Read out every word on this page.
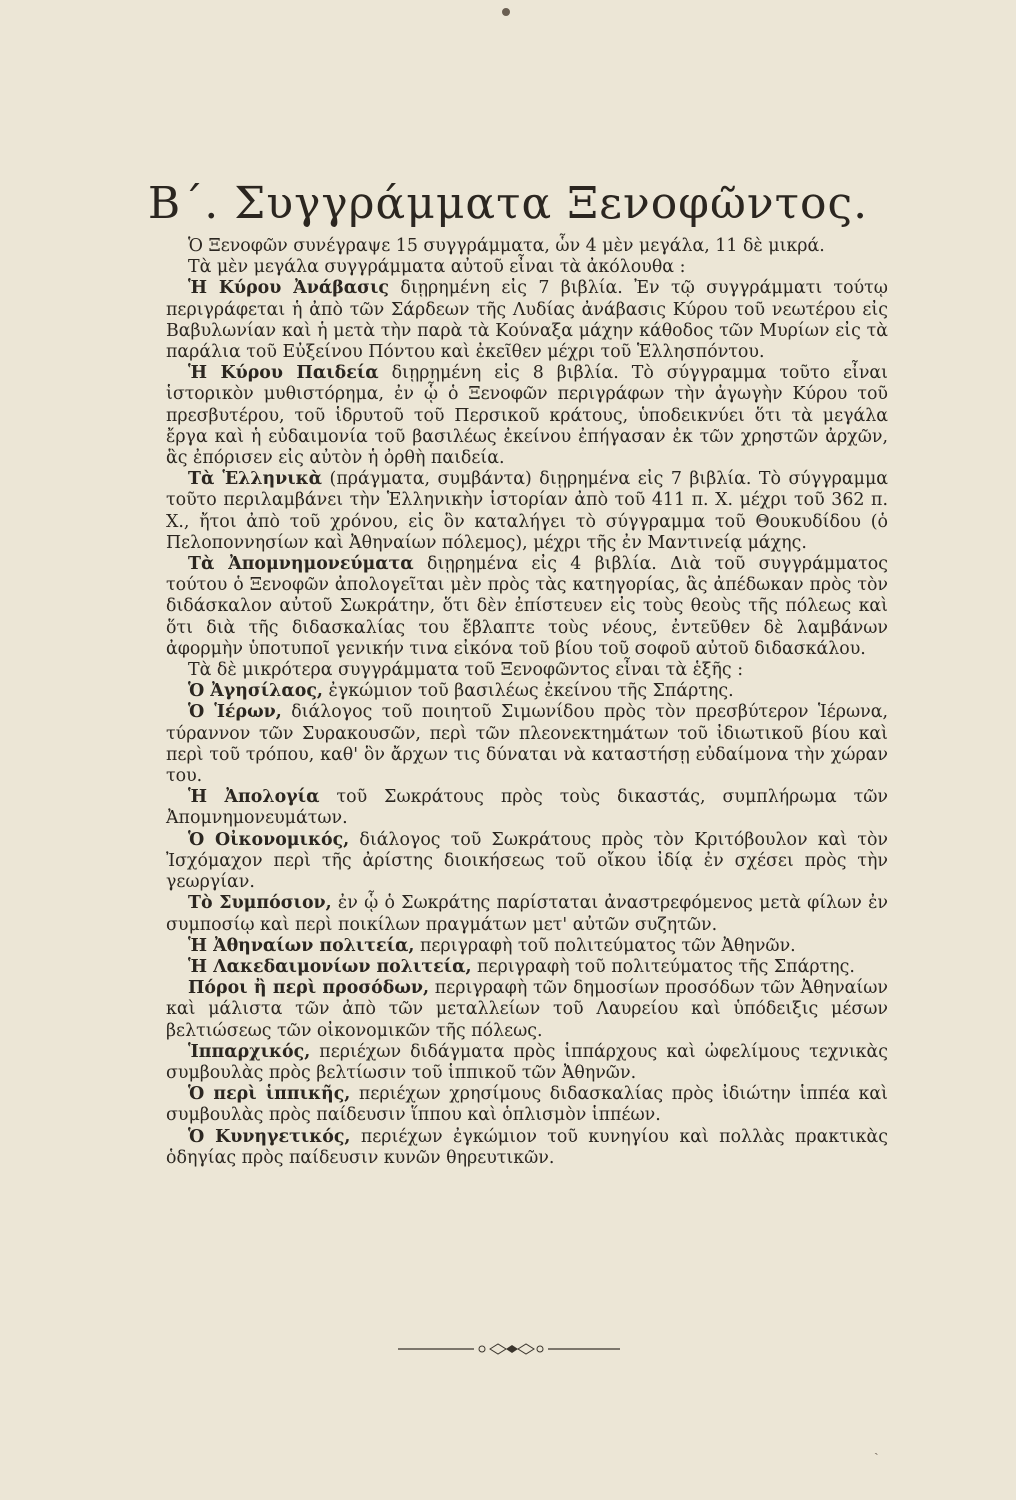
Β΄. Συγγράμματα Ξενοφῶντος.

Ὁ Ξενοφῶν συνέγραψε 15 συγγράμματα, ὧν 4 μὲν μεγάλα, 11 δὲ μικρά.

Τὰ μὲν μεγάλα συγγράμματα αὐτοῦ εἶναι τὰ ἀκόλουθα :

Ἡ Κύρου Ἀνάβασις διῃρημένη εἰς 7 βιβλία. Ἐν τῷ συγγράμματι τούτῳ περιγράφεται ἡ ἀπὸ τῶν Σάρδεων τῆς Λυδίας ἀνάβασις Κύρου τοῦ νεωτέρου εἰς Βαβυλωνίαν καὶ ἡ μετὰ τὴν παρὰ τὰ Κούναξα μάχην κάθοδος τῶν Μυρίων εἰς τὰ παράλια τοῦ Εὐξείνου Πόντου καὶ ἐκεῖθεν μέχρι τοῦ Ἑλλησπόντου.

Ἡ Κύρου Παιδεία διῃρημένη εἰς 8 βιβλία. Τὸ σύγγραμμα τοῦτο εἶναι ἱστορικὸν μυθιστόρημα, ἐν ᾧ ὁ Ξενοφῶν περιγράφων τὴν ἀγωγὴν Κύρου τοῦ πρεσβυτέρου, τοῦ ἱδρυτοῦ τοῦ Περσικοῦ κράτους, ὑποδεικνύει ὅτι τὰ μεγάλα ἔργα καὶ ἡ εὐδαιμονία τοῦ βασιλέως ἐκείνου ἐπήγασαν ἐκ τῶν χρηστῶν ἀρχῶν, ἃς ἐπόρισεν εἰς αὐτὸν ἡ ὀρθὴ παιδεία.

Τὰ Ἑλληνικὰ (πράγματα, συμβάντα) διῃρημένα εἰς 7 βιβλία. Τὸ σύγγραμμα τοῦτο περιλαμβάνει τὴν Ἑλληνικὴν ἱστορίαν ἀπὸ τοῦ 411 π. Χ. μέχρι τοῦ 362 π. Χ., ἤτοι ἀπὸ τοῦ χρόνου, εἰς ὃν καταλήγει τὸ σύγγραμμα τοῦ Θουκυδίδου (ὁ Πελοποννησίων καὶ Ἀθηναίων πόλεμος), μέχρι τῆς ἐν Μαντινείᾳ μάχης.

Τὰ Ἀπομνημονεύματα διῃρημένα εἰς 4 βιβλία. Διὰ τοῦ συγγράμματος τούτου ὁ Ξενοφῶν ἀπολογεῖται μὲν πρὸς τὰς κατηγορίας, ἃς ἀπέδωκαν πρὸς τὸν διδάσκαλον αὐτοῦ Σωκράτην, ὅτι δὲν ἐπίστευεν εἰς τοὺς θεοὺς τῆς πόλεως καὶ ὅτι διὰ τῆς διδασκαλίας του ἔβλαπτε τοὺς νέους, ἐντεῦθεν δὲ λαμβάνων ἀφορμὴν ὑποτυποῖ γενικήν τινα εἰκόνα τοῦ βίου τοῦ σοφοῦ αὐτοῦ διδασκάλου.

Τὰ δὲ μικρότερα συγγράμματα τοῦ Ξενοφῶντος εἶναι τὰ ἑξῆς :

Ὁ Ἀγησίλαος, ἐγκώμιον τοῦ βασιλέως ἐκείνου τῆς Σπάρτης.

Ὁ Ἱέρων, διάλογος τοῦ ποιητοῦ Σιμωνίδου πρὸς τὸν πρεσβύτερον Ἱέρωνα, τύραννον τῶν Συρακουσῶν, περὶ τῶν πλεονεκτημάτων τοῦ ἰδιωτικοῦ βίου καὶ περὶ τοῦ τρόπου, καθ' ὃν ἄρχων τις δύναται νὰ καταστήσῃ εὐδαίμονα τὴν χώραν του.

Ἡ Ἀπολογία τοῦ Σωκράτους πρὸς τοὺς δικαστάς, συμπλήρωμα τῶν Ἀπομνημονευμάτων.

Ὁ Οἰκονομικός, διάλογος τοῦ Σωκράτους πρὸς τὸν Κριτόβουλον καὶ τὸν Ἰσχόμαχον περὶ τῆς ἀρίστης διοικήσεως τοῦ οἴκου ἰδίᾳ ἐν σχέσει πρὸς τὴν γεωργίαν.

Τὸ Συμπόσιον, ἐν ᾧ ὁ Σωκράτης παρίσταται ἀναστρεφόμενος μετὰ φίλων ἐν συμποσίῳ καὶ περὶ ποικίλων πραγμάτων μετ' αὐτῶν συζητῶν.

Ἡ Ἀθηναίων πολιτεία, περιγραφὴ τοῦ πολιτεύματος τῶν Ἀθηνῶν.

Ἡ Λακεδαιμονίων πολιτεία, περιγραφὴ τοῦ πολιτεύματος τῆς Σπάρτης.

Πόροι ἢ περὶ προσόδων, περιγραφὴ τῶν δημοσίων προσόδων τῶν Ἀθηναίων καὶ μάλιστα τῶν ἀπὸ τῶν μεταλλείων τοῦ Λαυρείου καὶ ὑπόδειξις μέσων βελτιώσεως τῶν οἰκονομικῶν τῆς πόλεως.

Ἱππαρχικός, περιέχων διδάγματα πρὸς ἱππάρχους καὶ ὠφελίμους τεχνικὰς συμβουλὰς πρὸς βελτίωσιν τοῦ ἱππικοῦ τῶν Ἀθηνῶν.

Ὁ περὶ ἱππικῆς, περιέχων χρησίμους διδασκαλίας πρὸς ἰδιώτην ἱππέα καὶ συμβουλὰς πρὸς παίδευσιν ἵππου καὶ ὁπλισμὸν ἱππέων.

Ὁ Κυνηγετικός, περιέχων ἐγκώμιον τοῦ κυνηγίου καὶ πολλὰς πρακτικὰς ὁδηγίας πρὸς παίδευσιν κυνῶν θηρευτικῶν.

ˎ
